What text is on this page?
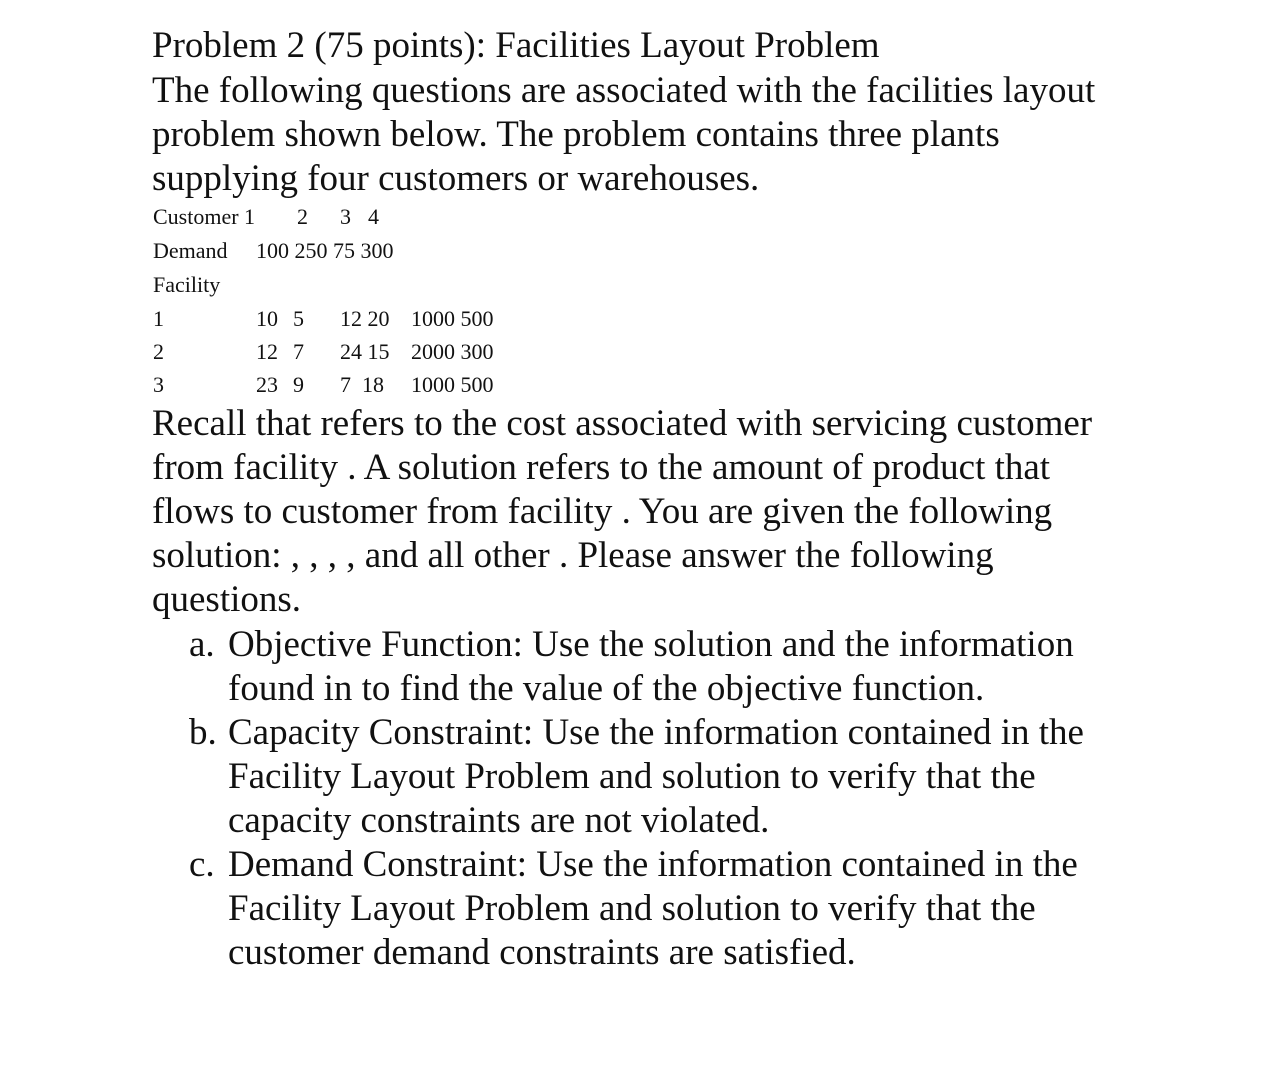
Problem 2 (75 points): Facilities Layout Problem
The following questions are associated with the facilities layout
problem shown below. The problem contains three plants
supplying four customers or warehouses.
Customer 1 2 3 4
Demand 100 250 75 300
Facility
1	10 5 12 20 1000 500
2	12 7 24 15 2000 300
3	23 9 7  18 1000 500
Recall that refers to the cost associated with servicing customer
from facility . A solution refers to the amount of product that
flows to customer from facility . You are given the following
solution: , , , , and all other . Please answer the following
questions.
a. Objective Function: Use the solution and the information
found in to find the value of the objective function.
b. Capacity Constraint: Use the information contained in the
Facility Layout Problem and solution to verify that the
capacity constraints are not violated.
c. Demand Constraint: Use the information contained in the
Facility Layout Problem and solution to verify that the
customer demand constraints are satisfied.
